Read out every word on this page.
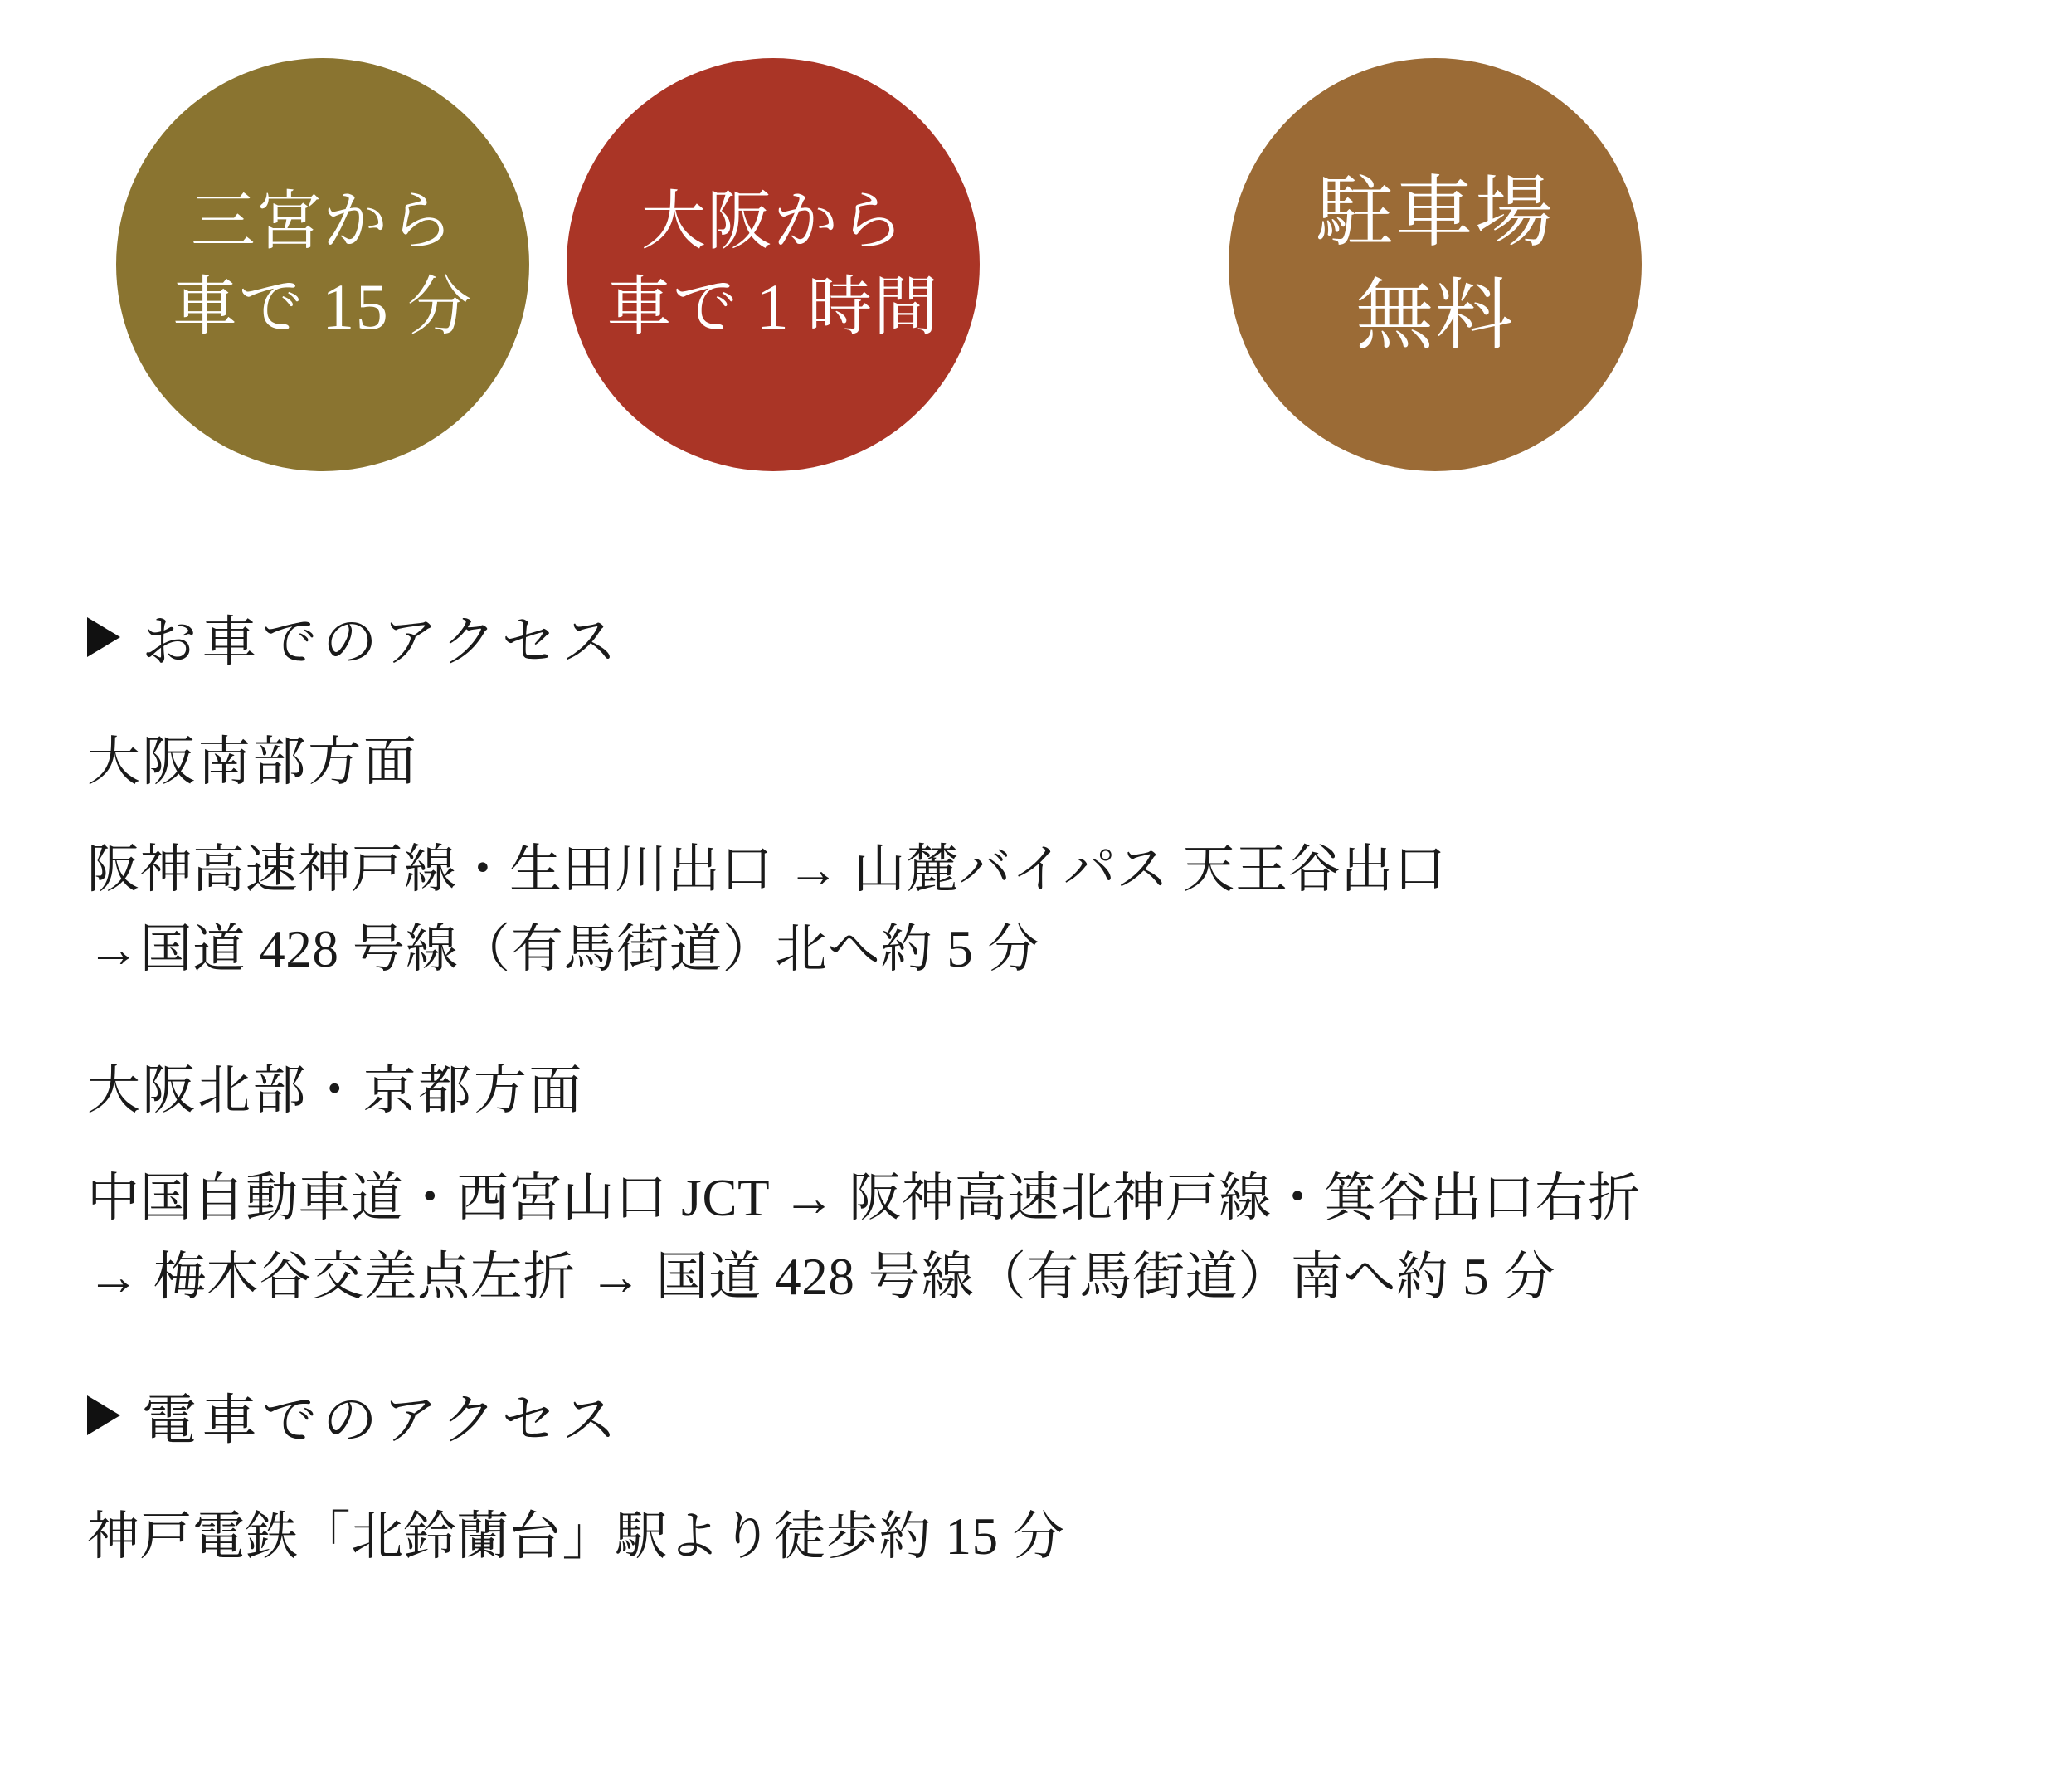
三宮から
車で 15 分
大阪から
車で 1 時間
駐車場
無料
お車でのアクセス
大阪南部方面
阪神高速神戸線・生田川出口 → 山麓バイパス 天王谷出口
→国道 428 号線（有馬街道）北へ約 5 分
大阪北部・京都方面
中国自動車道・西宮山口 JCT → 阪神高速北神戸線・箕谷出口右折
→ 梅木谷交差点左折 → 国道 428 号線（有馬街道）南へ約 5 分
電車でのアクセス
神戸電鉄「北鈴蘭台」駅より徒歩約 15 分
